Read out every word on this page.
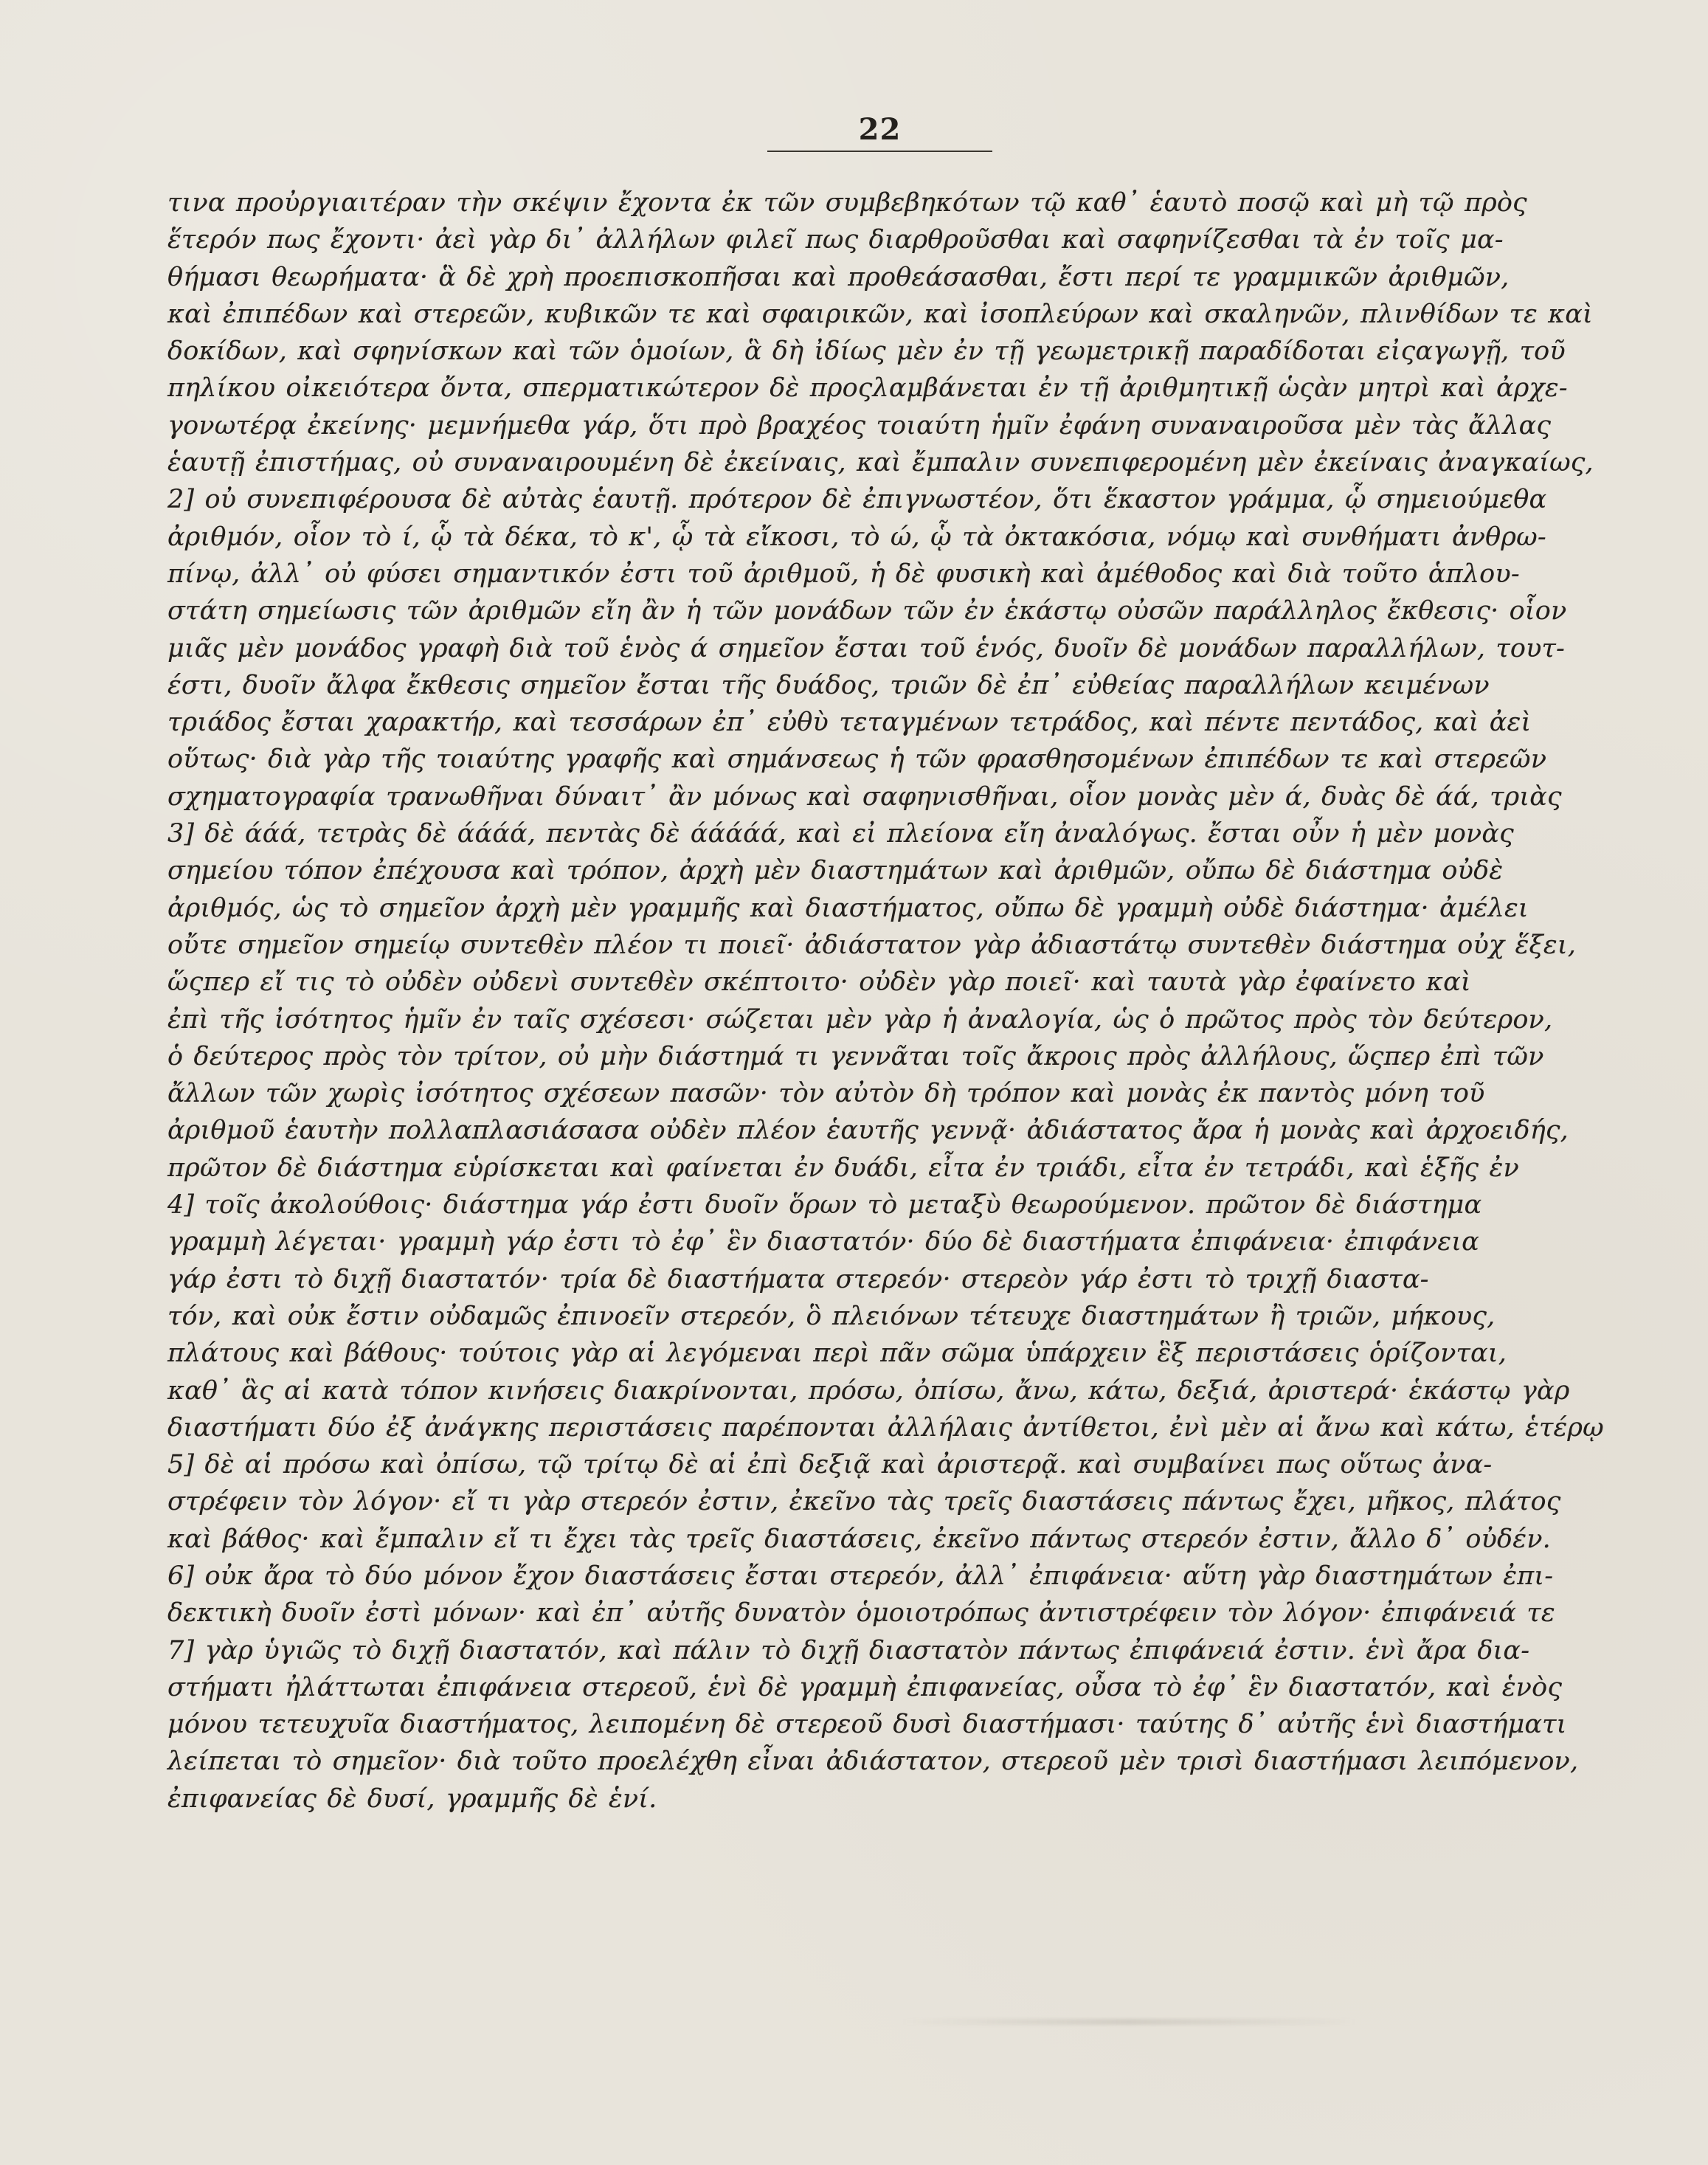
22
τινα προὐργιαιτέραν τὴν σκέψιν ἔχοντα ἐκ τῶν συμβεβηκότων τῷ καθ᾽ ἑαυτὸ ποσῷ καὶ μὴ τῷ πρὸς
ἕτερόν πως ἔχοντι· ἀεὶ γὰρ δι᾽ ἀλλήλων φιλεῖ πως διαρθροῦσθαι καὶ σαφηνίζεσθαι τὰ ἐν τοῖς μα-
θήμασι θεωρήματα· ἃ δὲ χρὴ προεπισκοπῆσαι καὶ προθεάσασθαι, ἔστι περί τε γραμμικῶν ἀριθμῶν,
καὶ ἐπιπέδων καὶ στερεῶν, κυβικῶν τε καὶ σφαιρικῶν, καὶ ἰσοπλεύρων καὶ σκαληνῶν, πλινθίδων τε καὶ
δοκίδων, καὶ σφηνίσκων καὶ τῶν ὁμοίων, ἃ δὴ ἰδίως μὲν ἐν τῇ γεωμετρικῇ παραδίδοται εἰςαγωγῇ, τοῦ
πηλίκου οἰκειότερα ὄντα, σπερματικώτερον δὲ προςλαμβάνεται ἐν τῇ ἀριθμητικῇ ὡςὰν μητρὶ καὶ ἀρχε-
γονωτέρᾳ ἐκείνης· μεμνήμεθα γάρ, ὅτι πρὸ βραχέος τοιαύτη ἡμῖν ἐφάνη συναναιροῦσα μὲν τὰς ἄλλας
ἑαυτῇ ἐπιστήμας, οὐ συναναιρουμένη δὲ ἐκείναις, καὶ ἔμπαλιν συνεπιφερομένη μὲν ἐκείναις ἀναγκαίως,
2] οὐ συνεπιφέρουσα δὲ αὐτὰς ἑαυτῇ. πρότερον δὲ ἐπιγνωστέον, ὅτι ἕκαστον γράμμα, ᾧ σημειούμεθα
ἀριθμόν, οἷον τὸ ί, ᾧ τὰ δέκα, τὸ κ', ᾧ τὰ εἴκοσι, τὸ ώ, ᾧ τὰ ὀκτακόσια, νόμῳ καὶ συνθήματι ἀνθρω-
πίνῳ, ἀλλ᾽ οὐ φύσει σημαντικόν ἐστι τοῦ ἀριθμοῦ, ἡ δὲ φυσικὴ καὶ ἀμέθοδος καὶ διὰ τοῦτο ἁπλου-
στάτη σημείωσις τῶν ἀριθμῶν εἴη ἂν ἡ τῶν μονάδων τῶν ἐν ἑκάστῳ οὐσῶν παράλληλος ἔκθεσις· οἷον
μιᾶς μὲν μονάδος γραφὴ διὰ τοῦ ἑνὸς ά σημεῖον ἔσται τοῦ ἑνός, δυοῖν δὲ μονάδων παραλλήλων, τουτ-
έστι, δυοῖν ἄλφα ἔκθεσις σημεῖον ἔσται τῆς δυάδος, τριῶν δὲ ἐπ᾽ εὐθείας παραλλήλων κειμένων
τριάδος ἔσται χαρακτήρ, καὶ τεσσάρων ἐπ᾽ εὐθὺ τεταγμένων τετράδος, καὶ πέντε πεντάδος, καὶ ἀεὶ
οὕτως· διὰ γὰρ τῆς τοιαύτης γραφῆς καὶ σημάνσεως ἡ τῶν φρασθησομένων ἐπιπέδων τε καὶ στερεῶν
σχηματογραφία τρανωθῆναι δύναιτ᾽ ἂν μόνως καὶ σαφηνισθῆναι, οἷον μονὰς μὲν ά, δυὰς δὲ άά, τριὰς
3] δὲ άάά, τετρὰς δὲ άάάά, πεντὰς δὲ άάάάά, καὶ εἰ πλείονα εἴη ἀναλόγως. ἔσται οὖν ἡ μὲν μονὰς
σημείου τόπον ἐπέχουσα καὶ τρόπον, ἀρχὴ μὲν διαστημάτων καὶ ἀριθμῶν, οὔπω δὲ διάστημα οὐδὲ
ἀριθμός, ὡς τὸ σημεῖον ἀρχὴ μὲν γραμμῆς καὶ διαστήματος, οὔπω δὲ γραμμὴ οὐδὲ διάστημα· ἀμέλει
οὔτε σημεῖον σημείῳ συντεθὲν πλέον τι ποιεῖ· ἀδιάστατον γὰρ ἀδιαστάτῳ συντεθὲν διάστημα οὐχ ἕξει,
ὥςπερ εἴ τις τὸ οὐδὲν οὐδενὶ συντεθὲν σκέπτοιτο· οὐδὲν γὰρ ποιεῖ· καὶ ταυτὰ γὰρ ἐφαίνετο καὶ
ἐπὶ τῆς ἰσότητος ἡμῖν ἐν ταῖς σχέσεσι· σώζεται μὲν γὰρ ἡ ἀναλογία, ὡς ὁ πρῶτος πρὸς τὸν δεύτερον,
ὁ δεύτερος πρὸς τὸν τρίτον, οὐ μὴν διάστημά τι γεννᾶται τοῖς ἄκροις πρὸς ἀλλήλους, ὥςπερ ἐπὶ τῶν
ἄλλων τῶν χωρὶς ἰσότητος σχέσεων πασῶν· τὸν αὐτὸν δὴ τρόπον καὶ μονὰς ἐκ παντὸς μόνη τοῦ
ἀριθμοῦ ἑαυτὴν πολλαπλασιάσασα οὐδὲν πλέον ἑαυτῆς γεννᾷ· ἀδιάστατος ἄρα ἡ μονὰς καὶ ἀρχοειδής,
πρῶτον δὲ διάστημα εὑρίσκεται καὶ φαίνεται ἐν δυάδι, εἶτα ἐν τριάδι, εἶτα ἐν τετράδι, καὶ ἑξῆς ἐν
4] τοῖς ἀκολούθοις· διάστημα γάρ ἐστι δυοῖν ὅρων τὸ μεταξὺ θεωρούμενον. πρῶτον δὲ διάστημα
γραμμὴ λέγεται· γραμμὴ γάρ ἐστι τὸ ἐφ᾽ ἓν διαστατόν· δύο δὲ διαστήματα ἐπιφάνεια· ἐπιφάνεια
γάρ ἐστι τὸ διχῇ διαστατόν· τρία δὲ διαστήματα στερεόν· στερεὸν γάρ ἐστι τὸ τριχῇ διαστα-
τόν, καὶ οὐκ ἔστιν οὐδαμῶς ἐπινοεῖν στερεόν, ὃ πλειόνων τέτευχε διαστημάτων ἢ τριῶν, μήκους,
πλάτους καὶ βάθους· τούτοις γὰρ αἱ λεγόμεναι περὶ πᾶν σῶμα ὑπάρχειν ἓξ περιστάσεις ὁρίζονται,
καθ᾽ ἃς αἱ κατὰ τόπον κινήσεις διακρίνονται, πρόσω, ὀπίσω, ἄνω, κάτω, δεξιά, ἀριστερά· ἑκάστῳ γὰρ
διαστήματι δύο ἐξ ἀνάγκης περιστάσεις παρέπονται ἀλλήλαις ἀντίθετοι, ἐνὶ μὲν αἱ ἄνω καὶ κάτω, ἑτέρῳ
5] δὲ αἱ πρόσω καὶ ὀπίσω, τῷ τρίτῳ δὲ αἱ ἐπὶ δεξιᾷ καὶ ἀριστερᾷ. καὶ συμβαίνει πως οὕτως ἀνα-
στρέφειν τὸν λόγον· εἴ τι γὰρ στερεόν ἐστιν, ἐκεῖνο τὰς τρεῖς διαστάσεις πάντως ἔχει, μῆκος, πλάτος
καὶ βάθος· καὶ ἔμπαλιν εἴ τι ἔχει τὰς τρεῖς διαστάσεις, ἐκεῖνο πάντως στερεόν ἐστιν, ἄλλο δ᾽ οὐδέν.
6] οὐκ ἄρα τὸ δύο μόνον ἔχον διαστάσεις ἔσται στερεόν, ἀλλ᾽ ἐπιφάνεια· αὕτη γὰρ διαστημάτων ἐπι-
δεκτικὴ δυοῖν ἐστὶ μόνων· καὶ ἐπ᾽ αὐτῆς δυνατὸν ὁμοιοτρόπως ἀντιστρέφειν τὸν λόγον· ἐπιφάνειά τε
7] γὰρ ὑγιῶς τὸ διχῇ διαστατόν, καὶ πάλιν τὸ διχῇ διαστατὸν πάντως ἐπιφάνειά ἐστιν. ἑνὶ ἄρα δια-
στήματι ἠλάττωται ἐπιφάνεια στερεοῦ, ἑνὶ δὲ γραμμὴ ἐπιφανείας, οὖσα τὸ ἐφ᾽ ἓν διαστατόν, καὶ ἑνὸς
μόνου τετευχυῖα διαστήματος, λειπομένη δὲ στερεοῦ δυσὶ διαστήμασι· ταύτης δ᾽ αὐτῆς ἑνὶ διαστήματι
λείπεται τὸ σημεῖον· διὰ τοῦτο προελέχθη εἶναι ἀδιάστατον, στερεοῦ μὲν τρισὶ διαστήμασι λειπόμενον,
ἐπιφανείας δὲ δυσί, γραμμῆς δὲ ἑνί.
